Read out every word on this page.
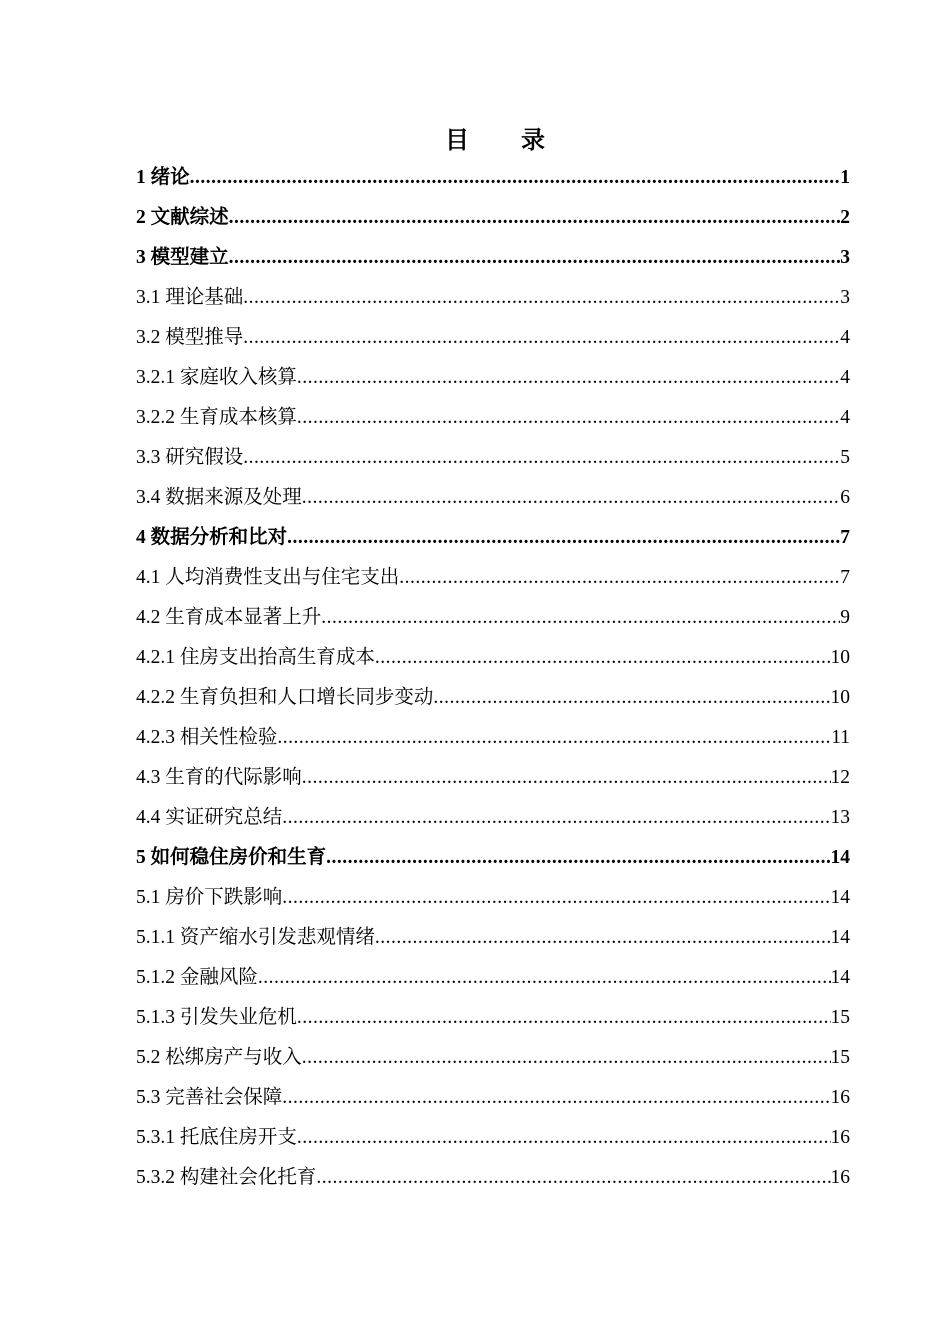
目 录
1 绪论 .....	1
2 文献综述 .....	2
3 模型建立 .....	3
3.1 理论基础 .....	3
3.2 模型推导 .....	4
3.2.1 家庭收入核算 .....	4
3.2.2 生育成本核算 .....	4
3.3 研究假设 .....	5
3.4 数据来源及处理 .....	6
4 数据分析和比对 .....	7
4.1 人均消费性支出与住宅支出 .....	7
4.2 生育成本显著上升 .....	9
4.2.1 住房支出抬高生育成本 .....	10
4.2.2 生育负担和人口增长同步变动 .....	10
4.2.3 相关性检验 .....	11
4.3 生育的代际影响 .....	12
4.4 实证研究总结 .....	13
5 如何稳住房价和生育 .....	14
5.1 房价下跌影响 .....	14
5.1.1 资产缩水引发悲观情绪 .....	14
5.1.2 金融风险 .....	14
5.1.3 引发失业危机 .....	15
5.2 松绑房产与收入 .....	15
5.3 完善社会保障 .....	16
5.3.1 托底住房开支 .....	16
5.3.2 构建社会化托育 .....	16
